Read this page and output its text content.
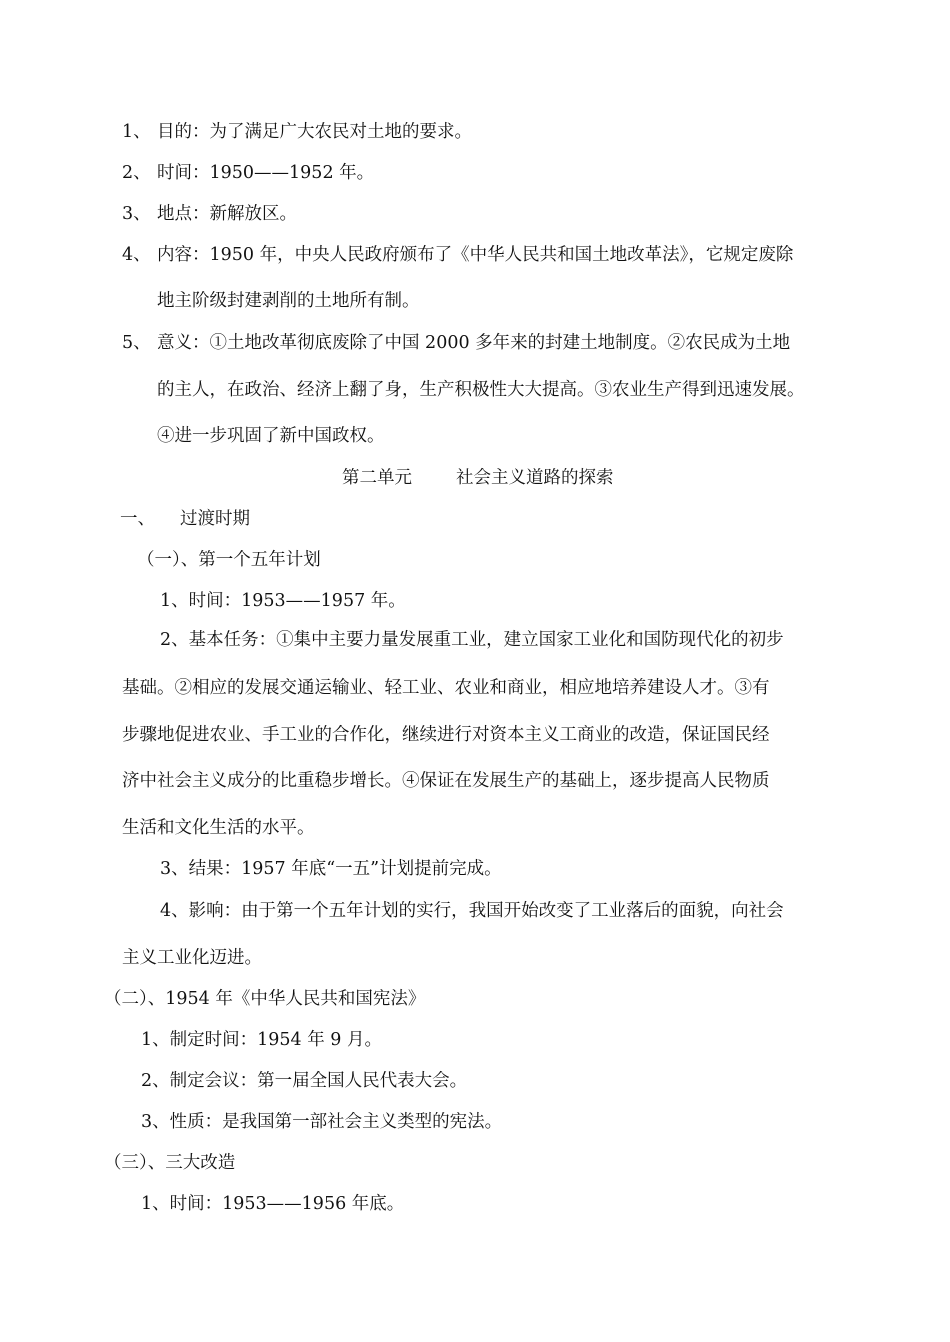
1、 目的：为了满足广大农民对土地的要求。
2、 时间：1950——1952 年。
3、 地点：新解放区。
4、 内容：1950 年，中央人民政府颁布了《中华人民共和国土地改革法》，它规定废除
地主阶级封建剥削的土地所有制。
5、 意义：①土地改革彻底废除了中国 2000 多年来的封建土地制度。②农民成为土地
的主人，在政治、经济上翻了身，生产积极性大大提高。③农业生产得到迅速发展。
④进一步巩固了新中国政权。
第二单元	社会主义道路的探索
一、 过渡时期
（一）、第一个五年计划
1、时间：1953——1957 年。
2、基本任务：①集中主要力量发展重工业，建立国家工业化和国防现代化的初步
基础。②相应的发展交通运输业、轻工业、农业和商业，相应地培养建设人才。③有
步骤地促进农业、手工业的合作化，继续进行对资本主义工商业的改造，保证国民经
济中社会主义成分的比重稳步增长。④保证在发展生产的基础上，逐步提高人民物质
生活和文化生活的水平。
3、结果：1957 年底“一五”计划提前完成。
4、影响：由于第一个五年计划的实行，我国开始改变了工业落后的面貌，向社会
主义工业化迈进。
（二）、1954 年《中华人民共和国宪法》
1、制定时间：1954 年 9 月。
2、制定会议：第一届全国人民代表大会。
3、性质：是我国第一部社会主义类型的宪法。
（三）、三大改造
1、时间：1953——1956 年底。
